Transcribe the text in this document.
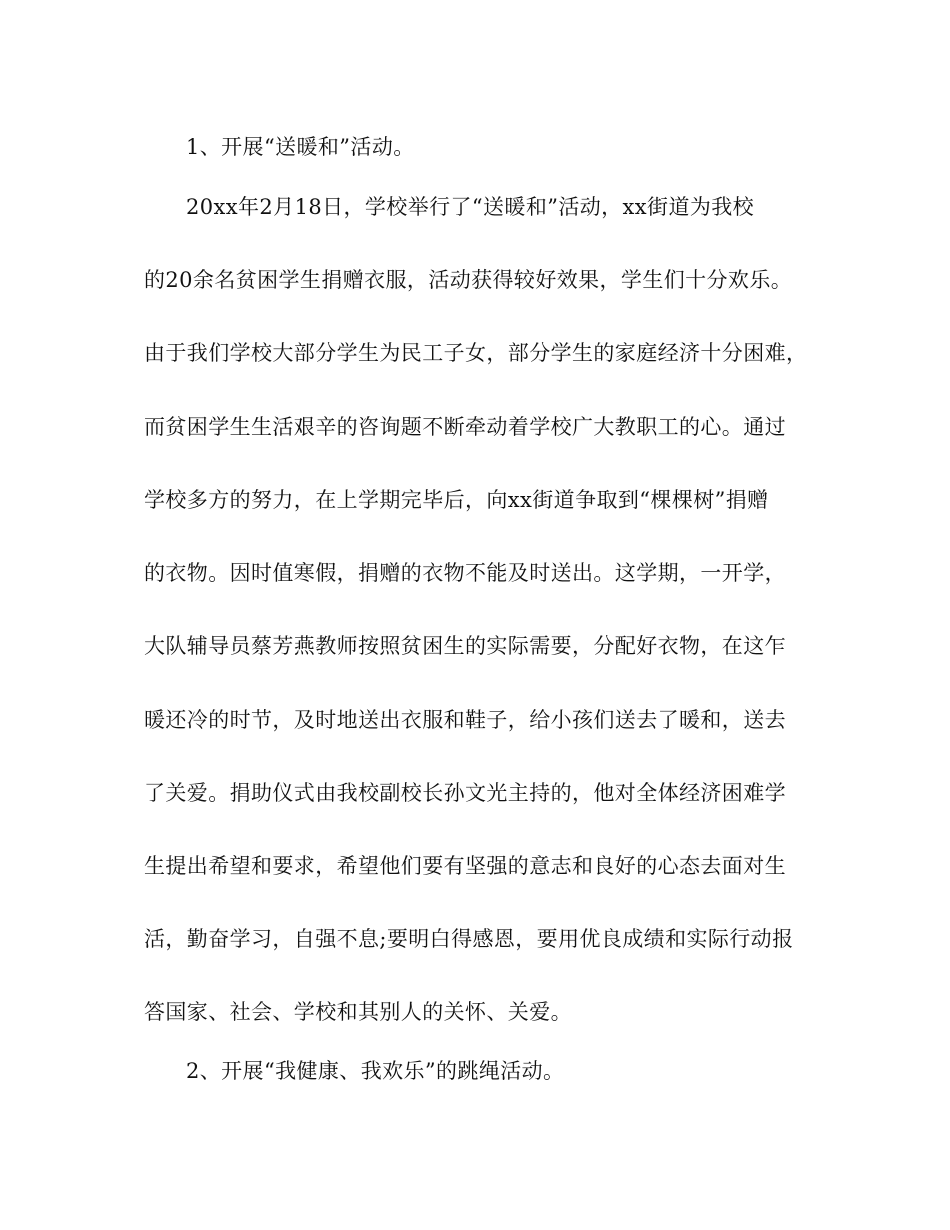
1、开展“送暖和”活动。
20xx年2月18日，学校举行了“送暖和”活动，xx街道为我校
的20余名贫困学生捐赠衣服，活动获得较好效果，学生们十分欢乐。
由于我们学校大部分学生为民工子女，部分学生的家庭经济十分困难，
而贫困学生生活艰辛的咨询题不断牵动着学校广大教职工的心。通过
学校多方的努力，在上学期完毕后，向xx街道争取到“棵棵树”捐赠
的衣物。因时值寒假，捐赠的衣物不能及时送出。这学期，一开学，
大队辅导员蔡芳燕教师按照贫困生的实际需要，分配好衣物，在这乍
暖还冷的时节，及时地送出衣服和鞋子，给小孩们送去了暖和，送去
了关爱。捐助仪式由我校副校长孙文光主持的，他对全体经济困难学
生提出希望和要求，希望他们要有坚强的意志和良好的心态去面对生
活，勤奋学习，自强不息;要明白得感恩，要用优良成绩和实际行动报
答国家、社会、学校和其别人的关怀、关爱。
2、开展“我健康、我欢乐”的跳绳活动。
